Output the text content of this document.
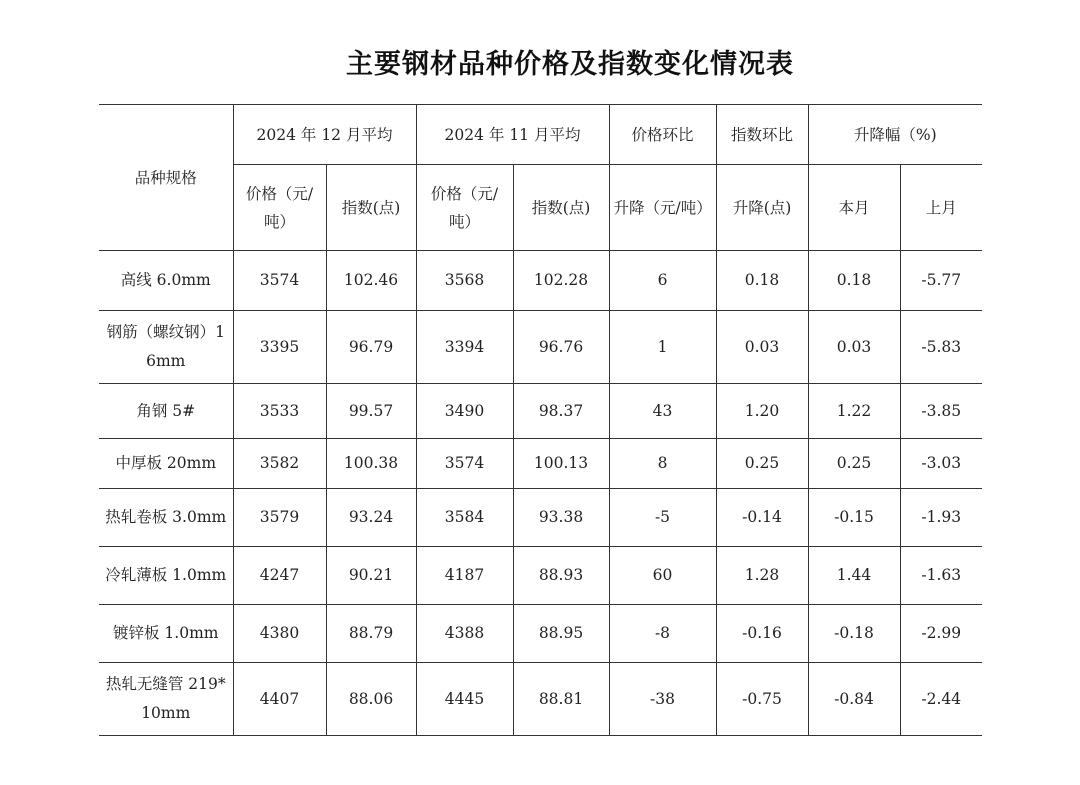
主要钢材品种价格及指数变化情况表
品种规格	2024 年 12 月平均		2024 年 11 月平均		价格环比	指数环比	升降幅（%)	
	价格（元/吨）	指数(点)	价格（元/吨）	指数(点)	升降（元/吨）	升降(点)	本月	上月
高线 6.0mm	3574	102.46	3568	102.28	6	0.18	0.18	-5.77
钢筋（螺纹钢）16mm	3395	96.79	3394	96.76	1	0.03	0.03	-5.83
角钢 5#	3533	99.57	3490	98.37	43	1.20	1.22	-3.85
中厚板 20mm	3582	100.38	3574	100.13	8	0.25	0.25	-3.03
热轧卷板 3.0mm	3579	93.24	3584	93.38	-5	-0.14	-0.15	-1.93
冷轧薄板 1.0mm	4247	90.21	4187	88.93	60	1.28	1.44	-1.63
镀锌板 1.0mm	4380	88.79	4388	88.95	-8	-0.16	-0.18	-2.99
热轧无缝管 219*10mm	4407	88.06	4445	88.81	-38	-0.75	-0.84	-2.44
